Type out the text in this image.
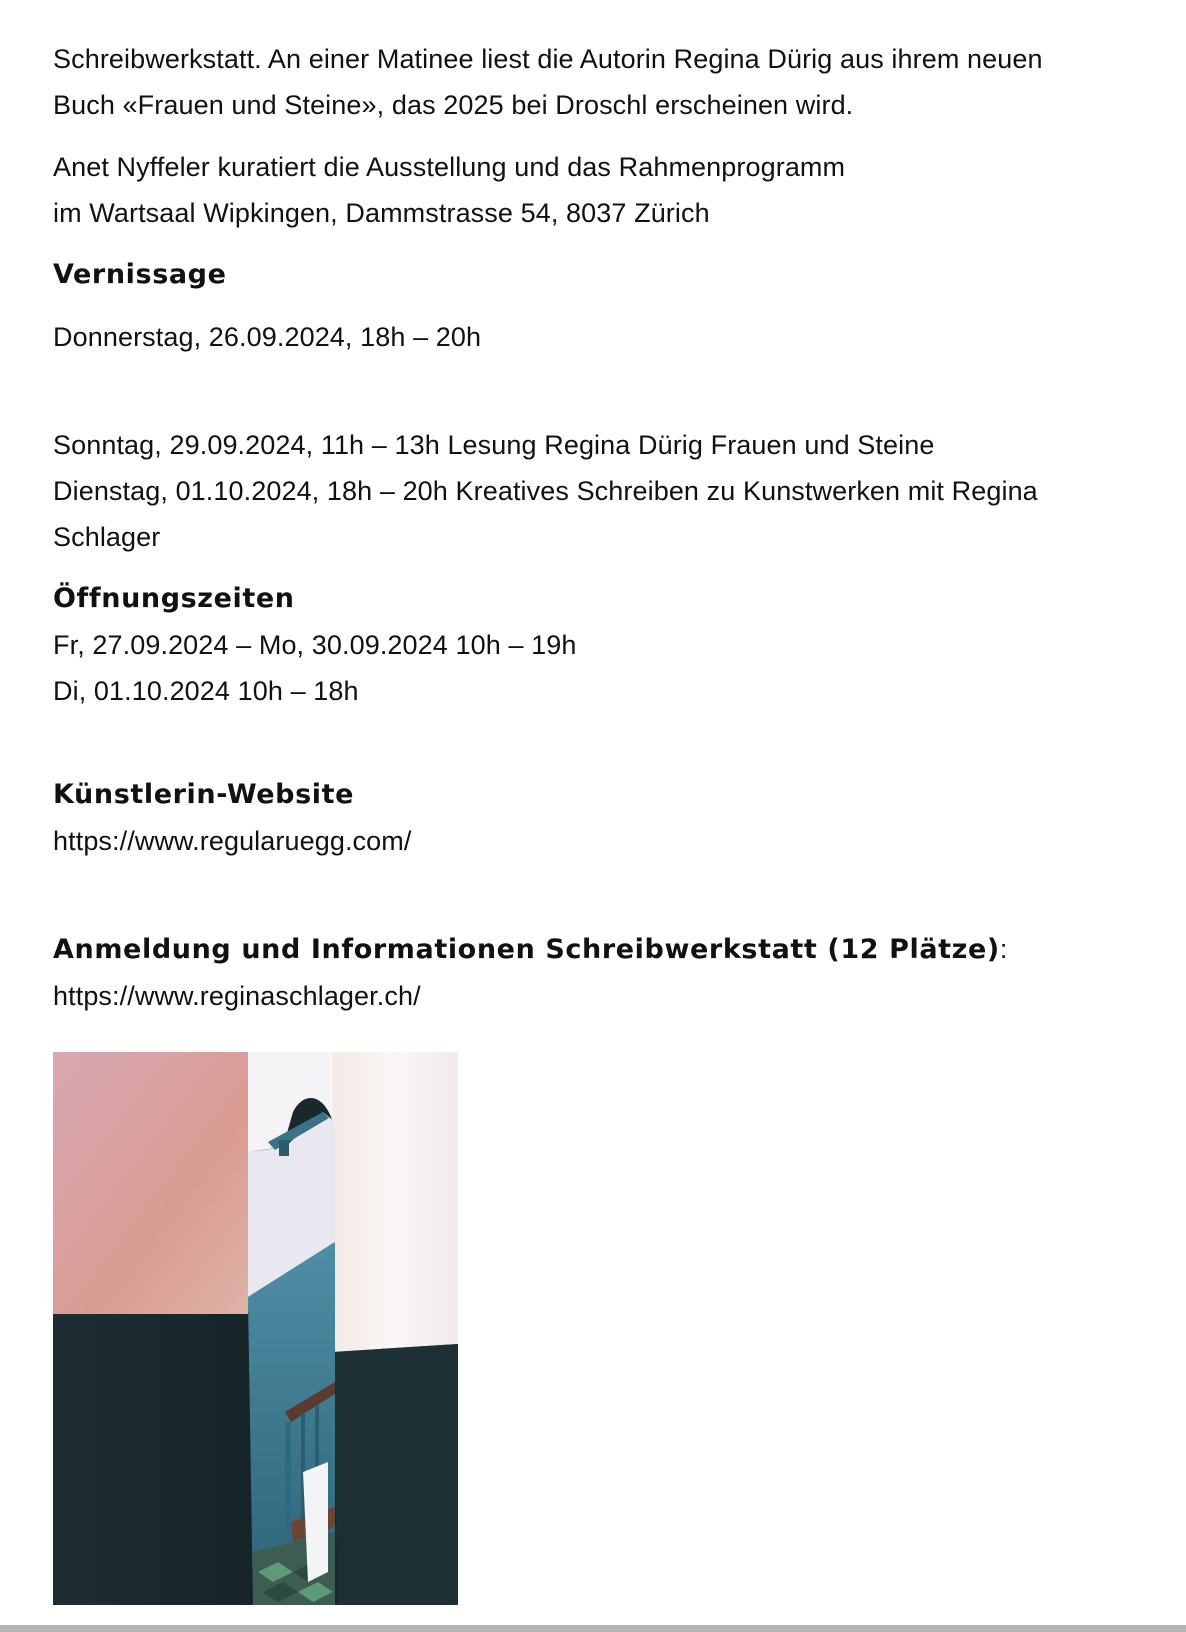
Schreibwerkstatt. An einer Matinee liest die Autorin Regina Dürig aus ihrem neuen
Buch «Frauen und Steine», das 2025 bei Droschl erscheinen wird.
Anet Nyffeler kuratiert die Ausstellung und das Rahmenprogramm
im Wartsaal Wipkingen, Dammstrasse 54, 8037 Zürich
Vernissage
Donnerstag, 26.09.2024, 18h – 20h
Sonntag, 29.09.2024, 11h – 13h Lesung Regina Dürig Frauen und Steine
Dienstag, 01.10.2024, 18h – 20h Kreatives Schreiben zu Kunstwerken mit Regina
Schlager
Öffnungszeiten
Fr, 27.09.2024 – Mo, 30.09.2024 10h – 19h
Di, 01.10.2024 10h – 18h
Künstlerin-Website
https://www.regularuegg.com/
Anmeldung und Informationen Schreibwerkstatt (12 Plätze):
https://www.reginaschlager.ch/
